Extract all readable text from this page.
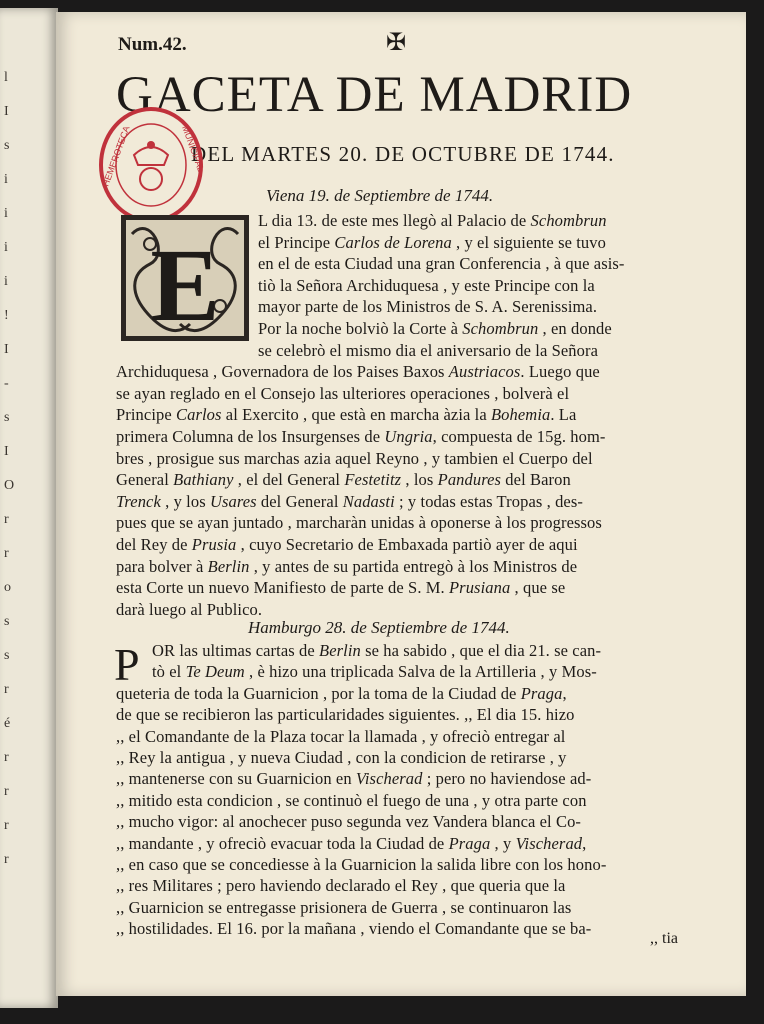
l
I
s
i
i
i
i
!
I
-
s
I
O
r
r
o
s
s
r
é
r
r
r
r
Num.42.	✠
GACETA DE MADRID
DEL MARTES 20. DE OCTUBRE DE 1744.
HEMEROTECA	MUNICIPAL
Viena 19. de Septiembre de 1744.
E
L dia 13. de este mes llegò al Palacio de Schombrun
el Principe Carlos de Lorena , y el siguiente se tuvo
en el de esta Ciudad una gran Conferencia , à que asis-
tiò la Señora Archiduquesa , y este Principe con la
mayor parte de los Ministros de S. A. Serenissima.
Por la noche bolviò la Corte à Schombrun , en donde
se celebrò el mismo dia el aniversario de la Señora
Archiduquesa , Governadora de los Paises Baxos Austriacos. Luego que
se ayan reglado en el Consejo las ulteriores operaciones , bolverà el
Principe Carlos al Exercito , que està en marcha àzia la Bohemia. La
primera Columna de los Insurgenses de Ungria, compuesta de 15g. hom-
bres , prosigue sus marchas azia aquel Reyno , y tambien el Cuerpo del
General Bathiany , el del General Festetitz , los Pandures del Baron
Trenck , y los Usares del General Nadasti ; y todas estas Tropas , des-
pues que se ayan juntado , marcharàn unidas à oponerse à los progressos
del Rey de Prusia , cuyo Secretario de Embaxada partiò ayer de aqui
para bolver à Berlin , y antes de su partida entregò à los Ministros de
esta Corte un nuevo Manifiesto de parte de S. M. Prusiana , que se
darà luego al Publico.
Hamburgo 28. de Septiembre de 1744.
P OR las ultimas cartas de Berlin se ha sabido , que el dia 21. se can-
tò el Te Deum , è hizo una triplicada Salva de la Artilleria , y Mos-
queteria de toda la Guarnicion , por la toma de la Ciudad de Praga,
de que se recibieron las particularidades siguientes. ,, El dia 15. hizo
,, el Comandante de la Plaza tocar la llamada , y ofreciò entregar al
,, Rey la antigua , y nueva Ciudad , con la condicion de retirarse , y
,, mantenerse con su Guarnicion en Vischerad ; pero no haviendose ad-
,, mitido esta condicion , se continuò el fuego de una , y otra parte con
,, mucho vigor: al anochecer puso segunda vez Vandera blanca el Co-
,, mandante , y ofreciò evacuar toda la Ciudad de Praga , y Vischerad,
,, en caso que se concediesse à la Guarnicion la salida libre con los hono-
,, res Militares ; pero haviendo declarado el Rey , que queria que la
,, Guarnicion se entregasse prisionera de Guerra , se continuaron las
,, hostilidades. El 16. por la mañana , viendo el Comandante que se ba-
,, tia
